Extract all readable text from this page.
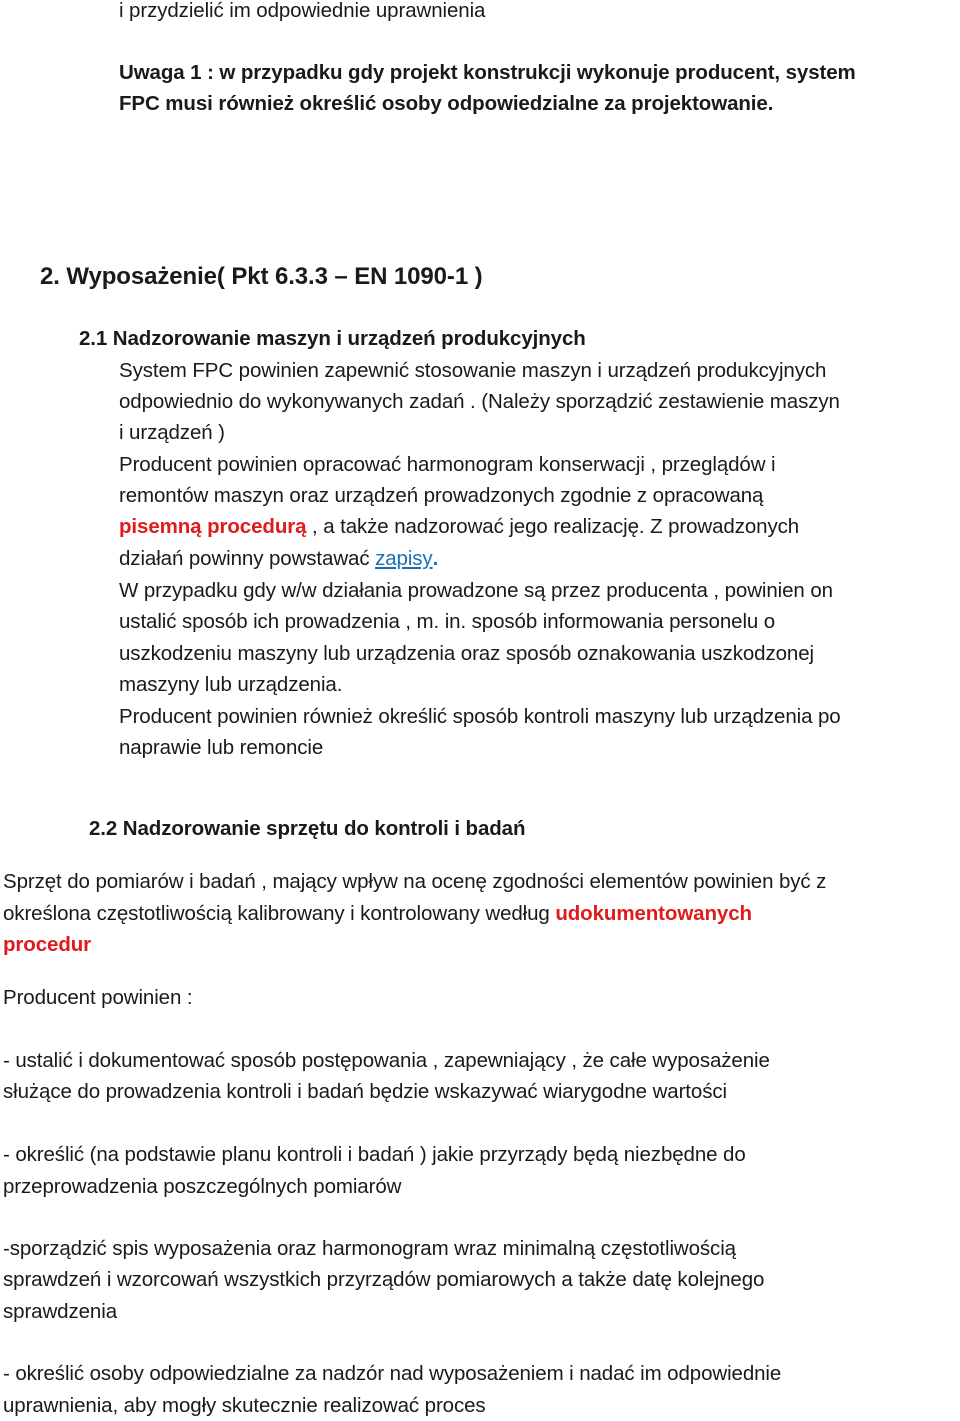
i przydzielić im odpowiednie uprawnienia
Uwaga 1 : w przypadku gdy projekt konstrukcji wykonuje producent, system
FPC musi również określić osoby odpowiedzialne za projektowanie.
2. Wyposażenie( Pkt 6.3.3 – EN 1090-1 )
2.1 Nadzorowanie maszyn i urządzeń produkcyjnych
System FPC powinien zapewnić stosowanie maszyn i urządzeń produkcyjnych
odpowiednio do wykonywanych zadań . (Należy sporządzić zestawienie maszyn
i urządzeń )
Producent powinien opracować harmonogram konserwacji , przeglądów i
remontów maszyn oraz urządzeń prowadzonych zgodnie z opracowaną
pisemną procedurą , a także nadzorować jego realizację. Z prowadzonych
działań powinny powstawać zapisy.
W przypadku gdy w/w działania prowadzone są przez producenta , powinien on
ustalić sposób ich prowadzenia , m. in. sposób informowania personelu o
uszkodzeniu maszyny lub urządzenia oraz sposób oznakowania uszkodzonej
maszyny lub urządzenia.
Producent powinien również określić sposób kontroli maszyny lub urządzenia po
naprawie lub remoncie
2.2 Nadzorowanie sprzętu do kontroli i badań
Sprzęt do pomiarów i badań , mający wpływ na ocenę zgodności elementów powinien być z
określona częstotliwością kalibrowany i kontrolowany według udokumentowanych
procedur
Producent powinien :
- ustalić i dokumentować sposób postępowania , zapewniający , że całe wyposażenie
służące do prowadzenia kontroli i badań będzie wskazywać wiarygodne wartości
- określić (na podstawie planu kontroli i badań ) jakie przyrządy będą niezbędne do
przeprowadzenia poszczególnych pomiarów
-sporządzić spis wyposażenia oraz harmonogram wraz minimalną częstotliwością
sprawdzeń i wzorcowań wszystkich przyrządów pomiarowych a także datę kolejnego
sprawdzenia
- określić osoby odpowiedzialne za nadzór nad wyposażeniem i nadać im odpowiednie
uprawnienia, aby mogły skutecznie realizować proces
